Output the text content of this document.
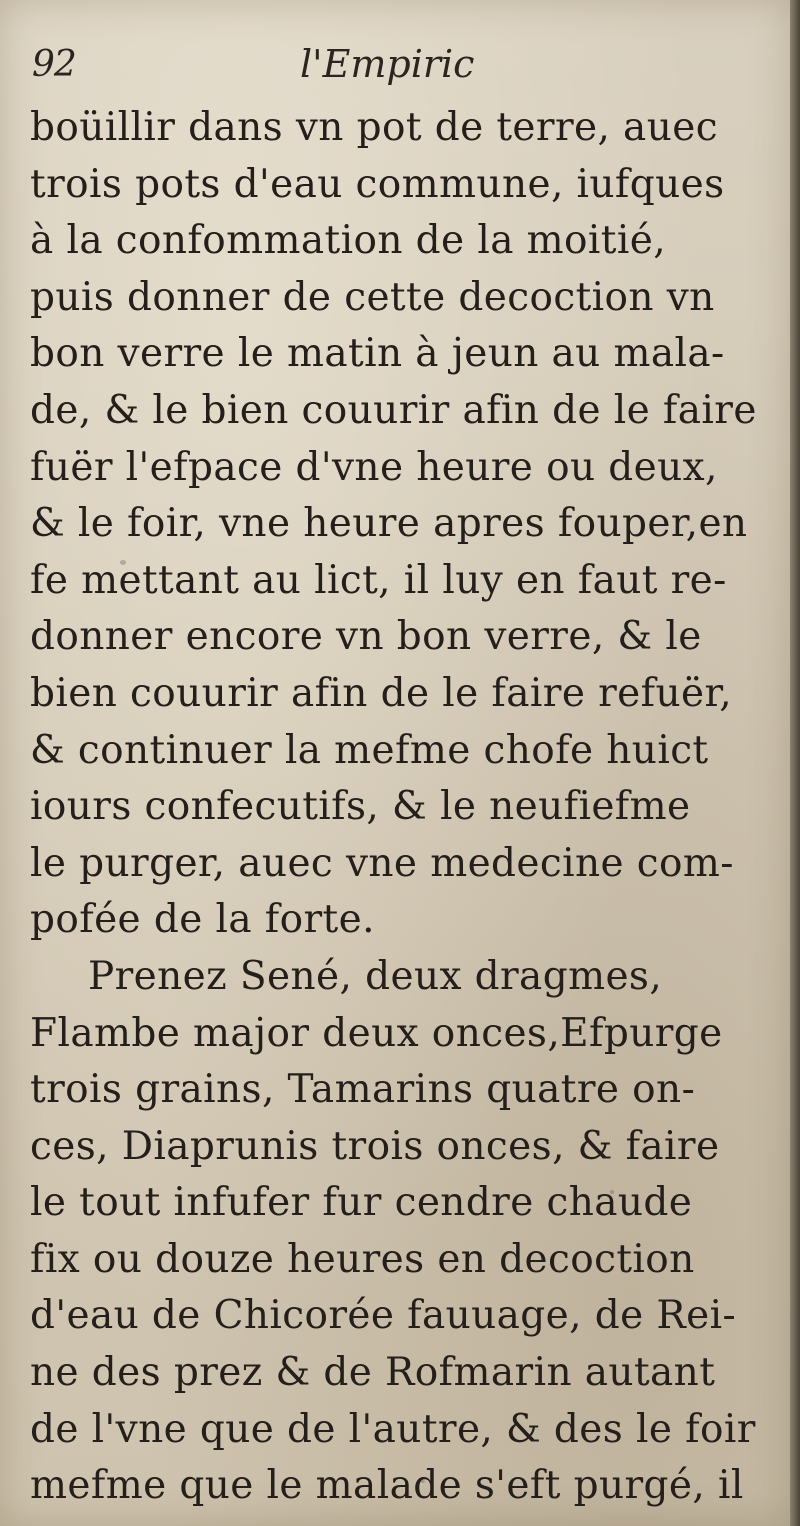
92	l'Empiric
boüillir dans vn pot de terre, auec
trois pots d'eau commune, iufques
à la confommation de la moitié,
puis donner de cette decoction vn
bon verre le matin à jeun au mala-
de, & le bien couurir afin de le faire
fuër l'efpace d'vne heure ou deux,
& le foir, vne heure apres fouper,en
fe mettant au lict, il luy en faut re-
donner encore vn bon verre, & le
bien couurir afin de le faire refuër,
& continuer la mefme chofe huict
iours confecutifs, & le neufiefme
le purger, auec vne medecine com-
pofée de la forte.
Prenez Sené, deux dragmes,
Flambe major deux onces,Efpurge
trois grains, Tamarins quatre on-
ces, Diaprunis trois onces, & faire
le tout infufer fur cendre chaude
fix ou douze heures en decoction
d'eau de Chicorée fauuage, de Rei-
ne des prez & de Rofmarin autant
de l'vne que de l'autre, & des le foir
mefme que le malade s'eft purgé, il
